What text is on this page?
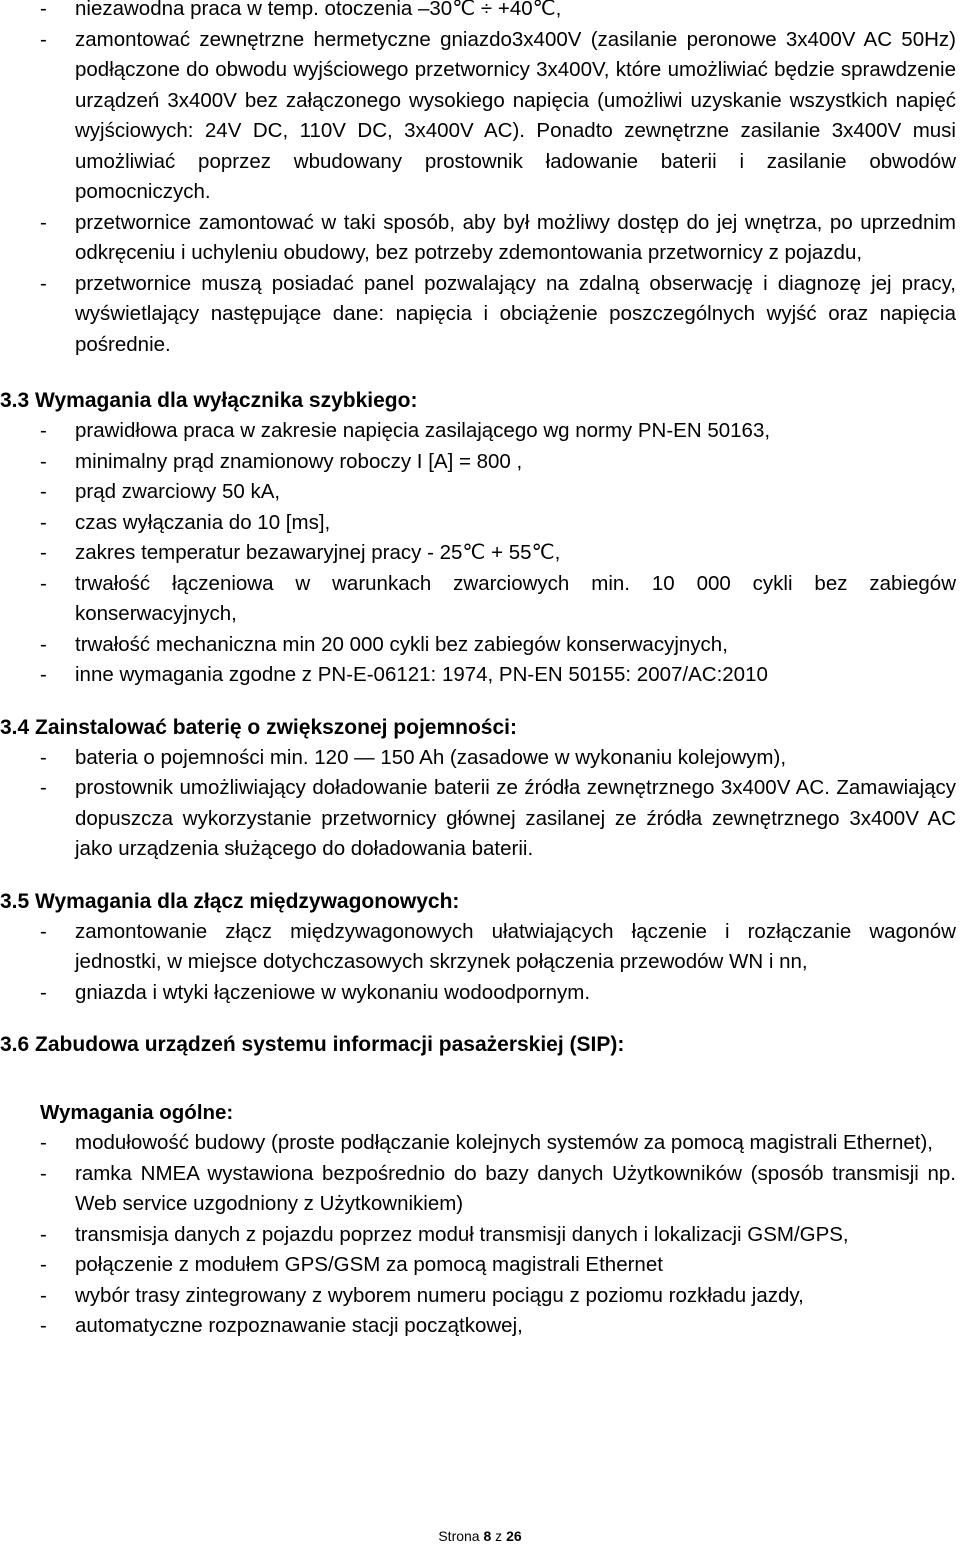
- niezawodna praca w temp. otoczenia –30℃ ÷ +40℃,
- zamontować zewnętrzne hermetyczne gniazdo3x400V (zasilanie peronowe 3x400V AC 50Hz) podłączone do obwodu wyjściowego przetwornicy 3x400V, które umożliwiać będzie sprawdzenie urządzeń 3x400V bez załączonego wysokiego napięcia (umożliwi uzyskanie wszystkich napięć wyjściowych: 24V DC, 110V DC, 3x400V AC). Ponadto zewnętrzne zasilanie 3x400V musi umożliwiać poprzez wbudowany prostownik ładowanie baterii i zasilanie obwodów pomocniczych.
- przetwornice zamontować w taki sposób, aby był możliwy dostęp do jej wnętrza, po uprzednim odkręceniu i uchyleniu obudowy, bez potrzeby zdemontowania przetwornicy z pojazdu,
- przetwornice muszą posiadać panel pozwalający na zdalną obserwację i diagnozę jej pracy, wyświetlający następujące dane: napięcia i obciążenie poszczególnych wyjść oraz napięcia pośrednie.
3.3 Wymagania dla wyłącznika szybkiego:
- prawidłowa praca w zakresie napięcia zasilającego wg normy PN-EN 50163,
- minimalny prąd znamionowy roboczy I [A] = 800 ,
- prąd zwarciowy 50 kA,
- czas wyłączania do 10 [ms],
- zakres temperatur bezawaryjnej pracy - 25℃ + 55℃,
- trwałość łączeniowa w warunkach zwarciowych min. 10 000 cykli bez zabiegów konserwacyjnych,
- trwałość mechaniczna min 20 000 cykli bez zabiegów konserwacyjnych,
- inne wymagania zgodne z PN-E-06121: 1974, PN-EN 50155: 2007/AC:2010
3.4 Zainstalować baterię o zwiększonej pojemności:
- bateria o pojemności min. 120 — 150 Ah (zasadowe w wykonaniu kolejowym),
- prostownik umożliwiający doładowanie baterii ze źródła zewnętrznego 3x400V AC. Zamawiający dopuszcza wykorzystanie przetwornicy głównej zasilanej ze źródła zewnętrznego 3x400V AC jako urządzenia służącego do doładowania baterii.
3.5 Wymagania dla złącz międzywagonowych:
- zamontowanie złącz międzywagonowych ułatwiających łączenie i rozłączanie wagonów jednostki, w miejsce dotychczasowych skrzynek połączenia przewodów WN i nn,
- gniazda i wtyki łączeniowe w wykonaniu wodoodpornym.
3.6 Zabudowa urządzeń systemu informacji pasażerskiej (SIP):
Wymagania ogólne:
- modułowość budowy (proste podłączanie kolejnych systemów za pomocą magistrali Ethernet),
- ramka NMEA wystawiona bezpośrednio do bazy danych Użytkowników (sposób transmisji np. Web service uzgodniony z Użytkownikiem)
- transmisja danych z pojazdu poprzez moduł transmisji danych i lokalizacji GSM/GPS,
- połączenie z modułem GPS/GSM za pomocą magistrali Ethernet
- wybór trasy zintegrowany z wyborem numeru pociągu z poziomu rozkładu jazdy,
- automatyczne rozpoznawanie stacji początkowej,
Strona 8 z 26
